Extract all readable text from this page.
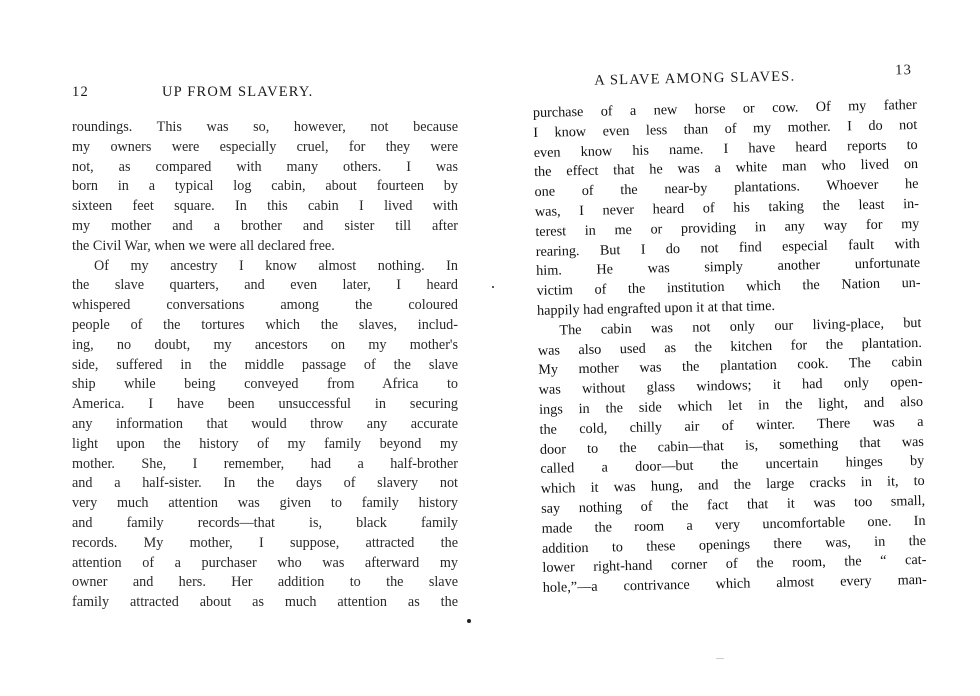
12	UP FROM SLAVERY.
roundings. This was so, however, not because
my owners were especially cruel, for they were
not, as compared with many others. I was
born in a typical log cabin, about fourteen by
sixteen feet square. In this cabin I lived with
my mother and a brother and sister till after
the Civil War, when we were all declared free.
Of my ancestry I know almost nothing. In
the slave quarters, and even later, I heard
whispered conversations among the coloured
people of the tortures which the slaves, includ-
ing, no doubt, my ancestors on my mother's
side, suffered in the middle passage of the slave
ship while being conveyed from Africa to
America. I have been unsuccessful in securing
any information that would throw any accurate
light upon the history of my family beyond my
mother. She, I remember, had a half-brother
and a half-sister. In the days of slavery not
very much attention was given to family history
and family records—that is, black family
records. My mother, I suppose, attracted the
attention of a purchaser who was afterward my
owner and hers. Her addition to the slave
family attracted about as much attention as the
A SLAVE AMONG SLAVES.	13
purchase of a new horse or cow. Of my father
I know even less than of my mother. I do not
even know his name. I have heard reports to
the effect that he was a white man who lived on
one of the near-by plantations. Whoever he
was, I never heard of his taking the least in-
terest in me or providing in any way for my
rearing. But I do not find especial fault with
him. He was simply another unfortunate
victim of the institution which the Nation un-
happily had engrafted upon it at that time.
The cabin was not only our living-place, but
was also used as the kitchen for the plantation.
My mother was the plantation cook. The cabin
was without glass windows; it had only open-
ings in the side which let in the light, and also
the cold, chilly air of winter. There was a
door to the cabin—that is, something that was
called a door—but the uncertain hinges by
which it was hung, and the large cracks in it, to
say nothing of the fact that it was too small,
made the room a very uncomfortable one. In
addition to these openings there was, in the
lower right-hand corner of the room, the “ cat-
hole,”—a contrivance which almost every man-
